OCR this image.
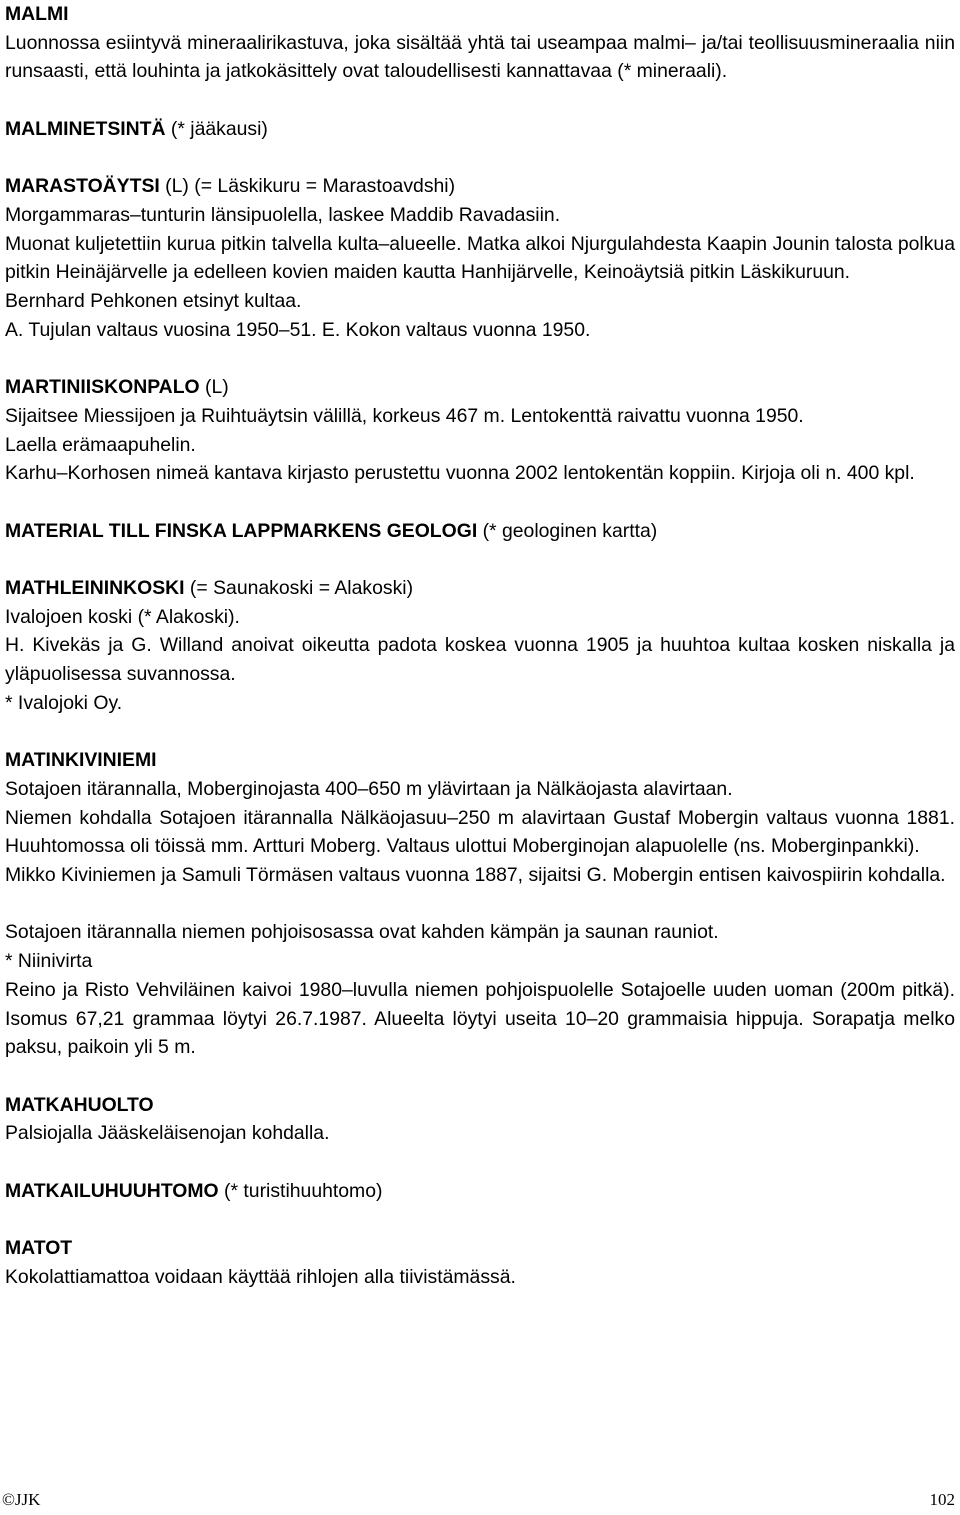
MALMI

Luonnossa esiintyvä mineraalirikastuva, joka sisältää yhtä tai useampaa malmi– ja/tai teollisuusmineraalia niin runsaasti, että louhinta ja jatkokäsittely ovat taloudellisesti kannattavaa (* mineraali).

MALMINETSINTÄ (* jääkausi)

MARASTOÄYTSI (L) (= Läskikuru = Marastoavdshi)

Morgammaras–tunturin länsipuolella, laskee Maddib Ravadasiin.

Muonat kuljetettiin kurua pitkin talvella kulta–alueelle. Matka alkoi Njurgulahdesta Kaapin Jounin talosta polkua pitkin Heinäjärvelle ja edelleen kovien maiden kautta Hanhijärvelle, Keinoäytsiä pitkin Läskikuruun.

Bernhard Pehkonen etsinyt kultaa.

A. Tujulan valtaus vuosina 1950–51. E. Kokon valtaus vuonna 1950.

MARTINIISKONPALO (L)

Sijaitsee Miessijoen ja Ruihtuäytsin välillä, korkeus 467 m. Lentokenttä raivattu vuonna 1950.

Laella erämaapuhelin.

Karhu–Korhosen nimeä kantava kirjasto perustettu vuonna 2002 lentokentän koppiin. Kirjoja oli n. 400 kpl.

MATERIAL TILL FINSKA LAPPMARKENS GEOLOGI (* geologinen kartta)

MATHLEININKOSKI (= Saunakoski = Alakoski)

Ivalojoen koski (* Alakoski).

H. Kivekäs ja G. Willand anoivat oikeutta padota koskea vuonna 1905 ja huuhtoa kultaa kosken niskalla ja yläpuolisessa suvannossa.

* Ivalojoki Oy.

MATINKIVINIEMI

Sotajoen itärannalla, Moberginojasta 400–650 m ylävirtaan ja Nälkäojasta alavirtaan.

Niemen kohdalla Sotajoen itärannalla Nälkäojasuu–250 m alavirtaan Gustaf Mobergin valtaus vuonna 1881. Huuhtomossa oli töissä mm. Artturi Moberg. Valtaus ulottui Moberginojan alapuolelle (ns. Moberginpankki).

Mikko Kiviniemen ja Samuli Törmäsen valtaus vuonna 1887, sijaitsi G. Mobergin entisen kaivospiirin kohdalla.

Sotajoen itärannalla niemen pohjoisosassa ovat kahden kämpän ja saunan rauniot.

* Niinivirta

Reino ja Risto Vehviläinen kaivoi 1980–luvulla niemen pohjoispuolelle Sotajoelle uuden uoman (200m pitkä). Isomus 67,21 grammaa löytyi 26.7.1987. Alueelta löytyi useita 10–20 grammaisia hippuja. Sorapatja melko paksu, paikoin yli 5 m.

MATKAHUOLTO

Palsiojalla Jääskeläisenojan kohdalla.

MATKAILUHUUHTOMO (* turistihuuhtomo)

MATOT

Kokolattiamattoa voidaan käyttää rihlojen alla tiivistämässä.

©JJK	102
